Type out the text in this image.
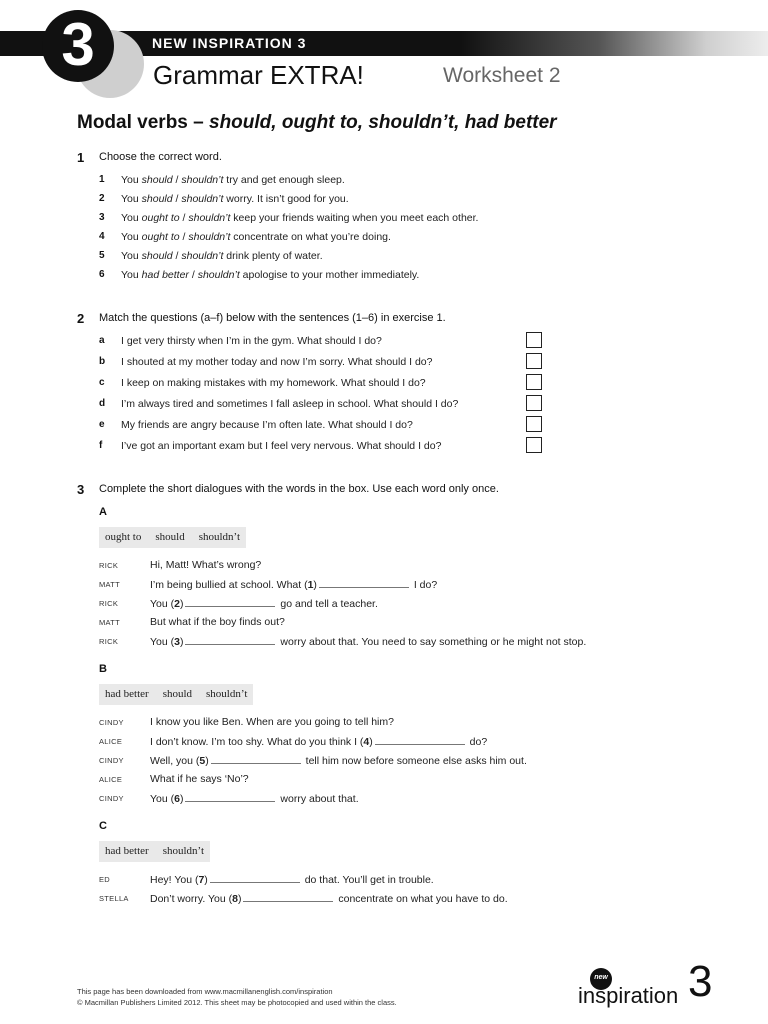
3	NEW INSPIRATION 3
Grammar EXTRA!	Worksheet 2
Modal verbs – should, ought to, shouldn’t, had better
1 Choose the correct word.
1 You should / shouldn’t try and get enough sleep.
2 You should / shouldn’t worry. It isn’t good for you.
3 You ought to / shouldn’t keep your friends waiting when you meet each other.
4 You ought to / shouldn’t concentrate on what you’re doing.
5 You should / shouldn’t drink plenty of water.
6 You had better / shouldn’t apologise to your mother immediately.
2 Match the questions (a–f) below with the sentences (1–6) in exercise 1.
a I get very thirsty when I’m in the gym. What should I do?
b I shouted at my mother today and now I’m sorry. What should I do?
c I keep on making mistakes with my homework. What should I do?
d I’m always tired and sometimes I fall asleep in school. What should I do?
e My friends are angry because I’m often late. What should I do?
f I’ve got an important exam but I feel very nervous. What should I do?
3 Complete the short dialogues with the words in the box. Use each word only once.
A
ought to should shouldn’t
RICK	Hi, Matt! What’s wrong?
MATT	I’m being bullied at school. What (1)	I do?
RICK	You (2)	go and tell a teacher.
MATT	But what if the boy finds out?
RICK	You (3)	worry about that. You need to say something or he might not stop.
B
had better should shouldn’t
CINDY I know you like Ben. When are you going to tell him?
ALICE	I don’t know. I’m too shy. What do you think I (4)	do?
CINDY Well, you (5)	tell him now before someone else asks him out.
ALICE	What if he says ‘No’?
CINDY You (6)	worry about that.
C
had better shouldn’t
ED	Hey! You (7)	do that. You’ll get in trouble.
STELLA Don’t worry. You (8)	concentrate on what you have to do.
This page has been downloaded from www.macmillanenglish.com/inspiration
© Macmillan Publishers Limited 2012. This sheet may be photocopied and used within the class.
new
inspiration 3
